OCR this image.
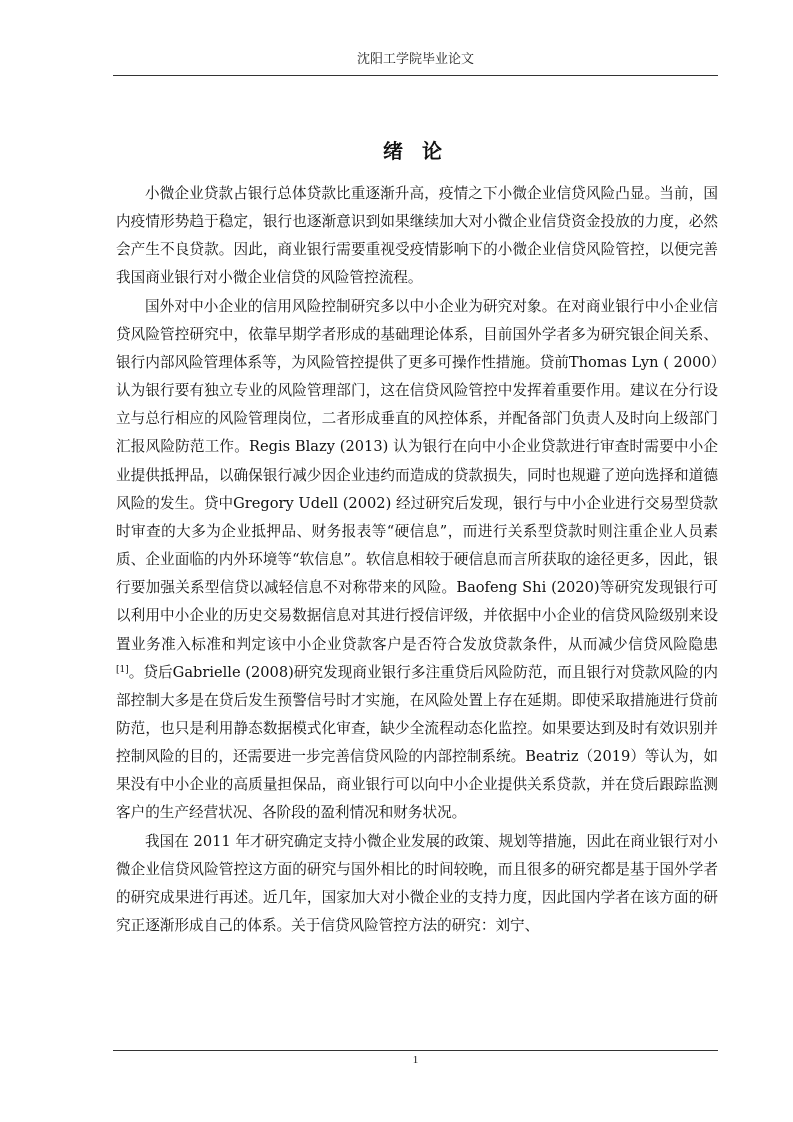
沈阳工学院毕业论文
绪 论

小微企业贷款占银行总体贷款比重逐渐升高，疫情之下小微企业信贷风险凸显。当前，国内疫情形势趋于稳定，银行也逐渐意识到如果继续加大对小微企业信贷资金投放的力度，必然会产生不良贷款。因此，商业银行需要重视受疫情影响下的小微企业信贷风险管控，以便完善我国商业银行对小微企业信贷的风险管控流程。

国外对中小企业的信用风险控制研究多以中小企业为研究对象。在对商业银行中小企业信贷风险管控研究中，依靠早期学者形成的基础理论体系，目前国外学者多为研究银企间关系、银行内部风险管理体系等，为风险管控提供了更多可操作性措施。贷前Thomas Lyn ( 2000）认为银行要有独立专业的风险管理部门，这在信贷风险管控中发挥着重要作用。建议在分行设立与总行相应的风险管理岗位，二者形成垂直的风控体系，并配备部门负责人及时向上级部门汇报风险防范工作。Regis Blazy (2013) 认为银行在向中小企业贷款进行审查时需要中小企业提供抵押品，以确保银行减少因企业违约而造成的贷款损失，同时也规避了逆向选择和道德风险的发生。贷中Gregory Udell (2002) 经过研究后发现，银行与中小企业进行交易型贷款时审查的大多为企业抵押品、财务报表等“硬信息”，而进行关系型贷款时则注重企业人员素质、企业面临的内外环境等“软信息”。软信息相较于硬信息而言所获取的途径更多，因此，银行要加强关系型信贷以减轻信息不对称带来的风险。Baofeng Shi (2020)等研究发现银行可以利用中小企业的历史交易数据信息对其进行授信评级，并依据中小企业的信贷风险级别来设置业务准入标准和判定该中小企业贷款客户是否符合发放贷款条件，从而减少信贷风险隐患[1]。贷后Gabrielle (2008)研究发现商业银行多注重贷后风险防范，而且银行对贷款风险的内部控制大多是在贷后发生预警信号时才实施，在风险处置上存在延期。即使采取措施进行贷前防范，也只是利用静态数据模式化审查，缺少全流程动态化监控。如果要达到及时有效识别并控制风险的目的，还需要进一步完善信贷风险的内部控制系统。Beatriz（2019）等认为，如果没有中小企业的高质量担保品，商业银行可以向中小企业提供关系贷款，并在贷后跟踪监测客户的生产经营状况、各阶段的盈利情况和财务状况。

我国在 2011 年才研究确定支持小微企业发展的政策、规划等措施，因此在商业银行对小微企业信贷风险管控这方面的研究与国外相比的时间较晚，而且很多的研究都是基于国外学者的研究成果进行再述。近几年，国家加大对小微企业的支持力度，因此国内学者在该方面的研究正逐渐形成自己的体系。关于信贷风险管控方法的研究：刘宁、

1
